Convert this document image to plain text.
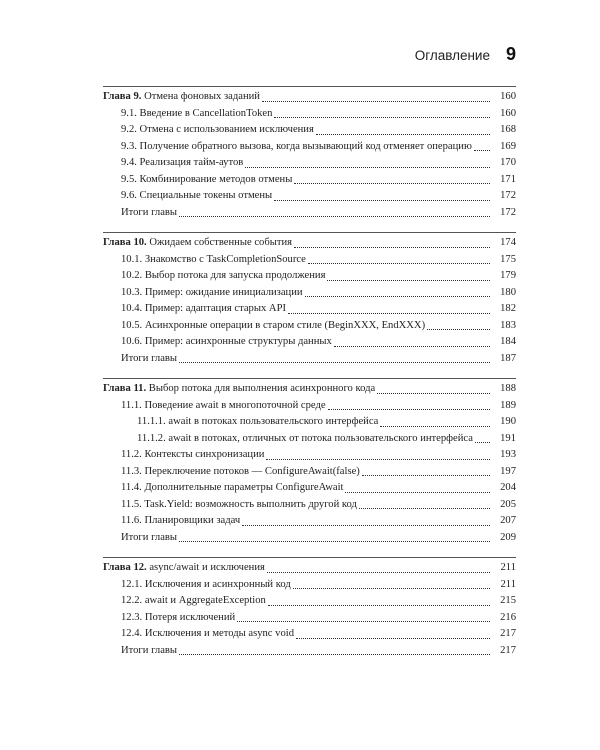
Оглавление 9
Глава 9. Отмена фоновых заданий	160
9.1. Введение в CancellationToken	160
9.2. Отмена с использованием исключения	168
9.3. Получение обратного вызова, когда вызывающий код отменяет операцию	169
9.4. Реализация тайм-аутов	170
9.5. Комбинирование методов отмены	171
9.6. Специальные токены отмены	172
Итоги главы	172
Глава 10. Ожидаем собственные события	174
10.1. Знакомство с TaskCompletionSource	175
10.2. Выбор потока для запуска продолжения	179
10.3. Пример: ожидание инициализации	180
10.4. Пример: адаптация старых API	182
10.5. Асинхронные операции в старом стиле (BeginXXX, EndXXX)	183
10.6. Пример: асинхронные структуры данных	184
Итоги главы	187
Глава 11. Выбор потока для выполнения асинхронного кода	188
11.1. Поведение await в многопоточной среде	189
11.1.1. await в потоках пользовательского интерфейса	190
11.1.2. await в потоках, отличных от потока пользовательского интерфейса	191
11.2. Контексты синхронизации	193
11.3. Переключение потоков — ConfigureAwait(false)	197
11.4. Дополнительные параметры ConfigureAwait	204
11.5. Task.Yield: возможность выполнить другой код	205
11.6. Планировщики задач	207
Итоги главы	209
Глава 12. async/await и исключения	211
12.1. Исключения и асинхронный код	211
12.2. await и AggregateException	215
12.3. Потеря исключений	216
12.4. Исключения и методы async void	217
Итоги главы	217
